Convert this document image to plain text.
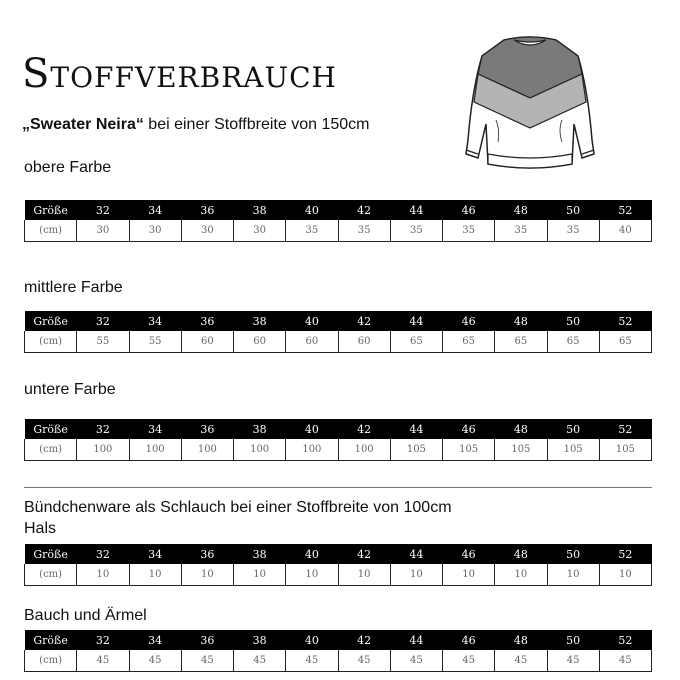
Stoffverbrauch
„Sweater Neira“ bei einer Stoffbreite von 150cm
obere Farbe
Größe	32	34	36	38	40	42	44	46	48	50	52
(cm)	30	30	30	30	35	35	35	35	35	35	40
mittlere Farbe
Größe	32	34	36	38	40	42	44	46	48	50	52
(cm)	55	55	60	60	60	60	65	65	65	65	65
untere Farbe
Größe	32	34	36	38	40	42	44	46	48	50	52
(cm)	100	100	100	100	100	100	105	105	105	105	105
Bündchenware als Schlauch bei einer Stoffbreite von 100cm
Hals
Größe	32	34	36	38	40	42	44	46	48	50	52
(cm)	10	10	10	10	10	10	10	10	10	10	10
Bauch und Ärmel
Größe	32	34	36	38	40	42	44	46	48	50	52
(cm)	45	45	45	45	45	45	45	45	45	45	45
